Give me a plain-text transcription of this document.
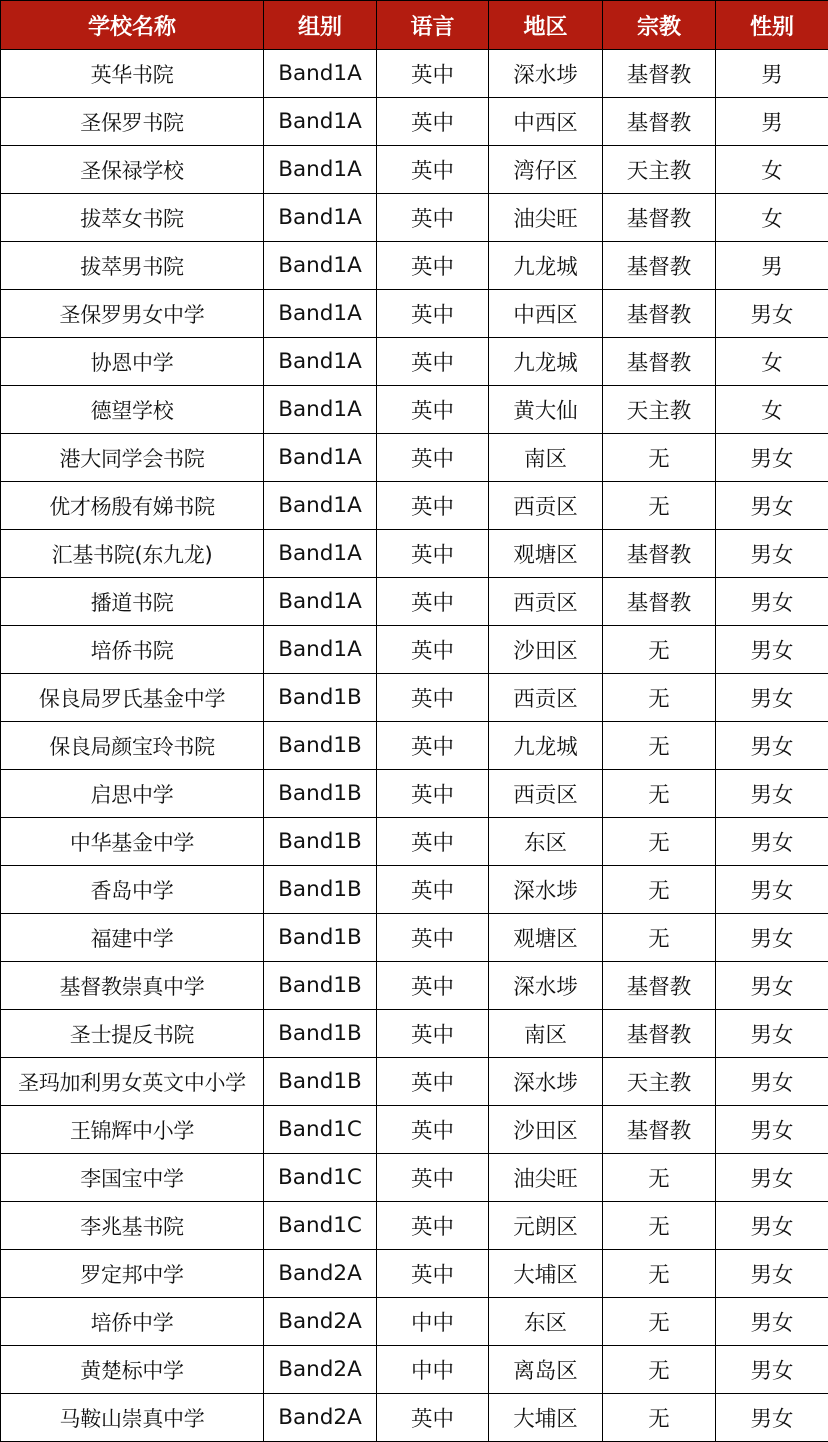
学校名称	组别	语言	地区	宗教	性别
英华书院	Band1A	英中	深水埗	基督教	男
圣保罗书院	Band1A	英中	中西区	基督教	男
圣保禄学校	Band1A	英中	湾仔区	天主教	女
拔萃女书院	Band1A	英中	油尖旺	基督教	女
拔萃男书院	Band1A	英中	九龙城	基督教	男
圣保罗男女中学	Band1A	英中	中西区	基督教	男女
协恩中学	Band1A	英中	九龙城	基督教	女
德望学校	Band1A	英中	黄大仙	天主教	女
港大同学会书院	Band1A	英中	南区	无	男女
优才杨殷有娣书院	Band1A	英中	西贡区	无	男女
汇基书院(东九龙)	Band1A	英中	观塘区	基督教	男女
播道书院	Band1A	英中	西贡区	基督教	男女
培侨书院	Band1A	英中	沙田区	无	男女
保良局罗氏基金中学	Band1B	英中	西贡区	无	男女
保良局颜宝玲书院	Band1B	英中	九龙城	无	男女
启思中学	Band1B	英中	西贡区	无	男女
中华基金中学	Band1B	英中	东区	无	男女
香岛中学	Band1B	英中	深水埗	无	男女
福建中学	Band1B	英中	观塘区	无	男女
基督教崇真中学	Band1B	英中	深水埗	基督教	男女
圣士提反书院	Band1B	英中	南区	基督教	男女
圣玛加利男女英文中小学	Band1B	英中	深水埗	天主教	男女
王锦辉中小学	Band1C	英中	沙田区	基督教	男女
李国宝中学	Band1C	英中	油尖旺	无	男女
李兆基书院	Band1C	英中	元朗区	无	男女
罗定邦中学	Band2A	英中	大埔区	无	男女
培侨中学	Band2A	中中	东区	无	男女
黄楚标中学	Band2A	中中	离岛区	无	男女
马鞍山崇真中学	Band2A	英中	大埔区	无	男女
